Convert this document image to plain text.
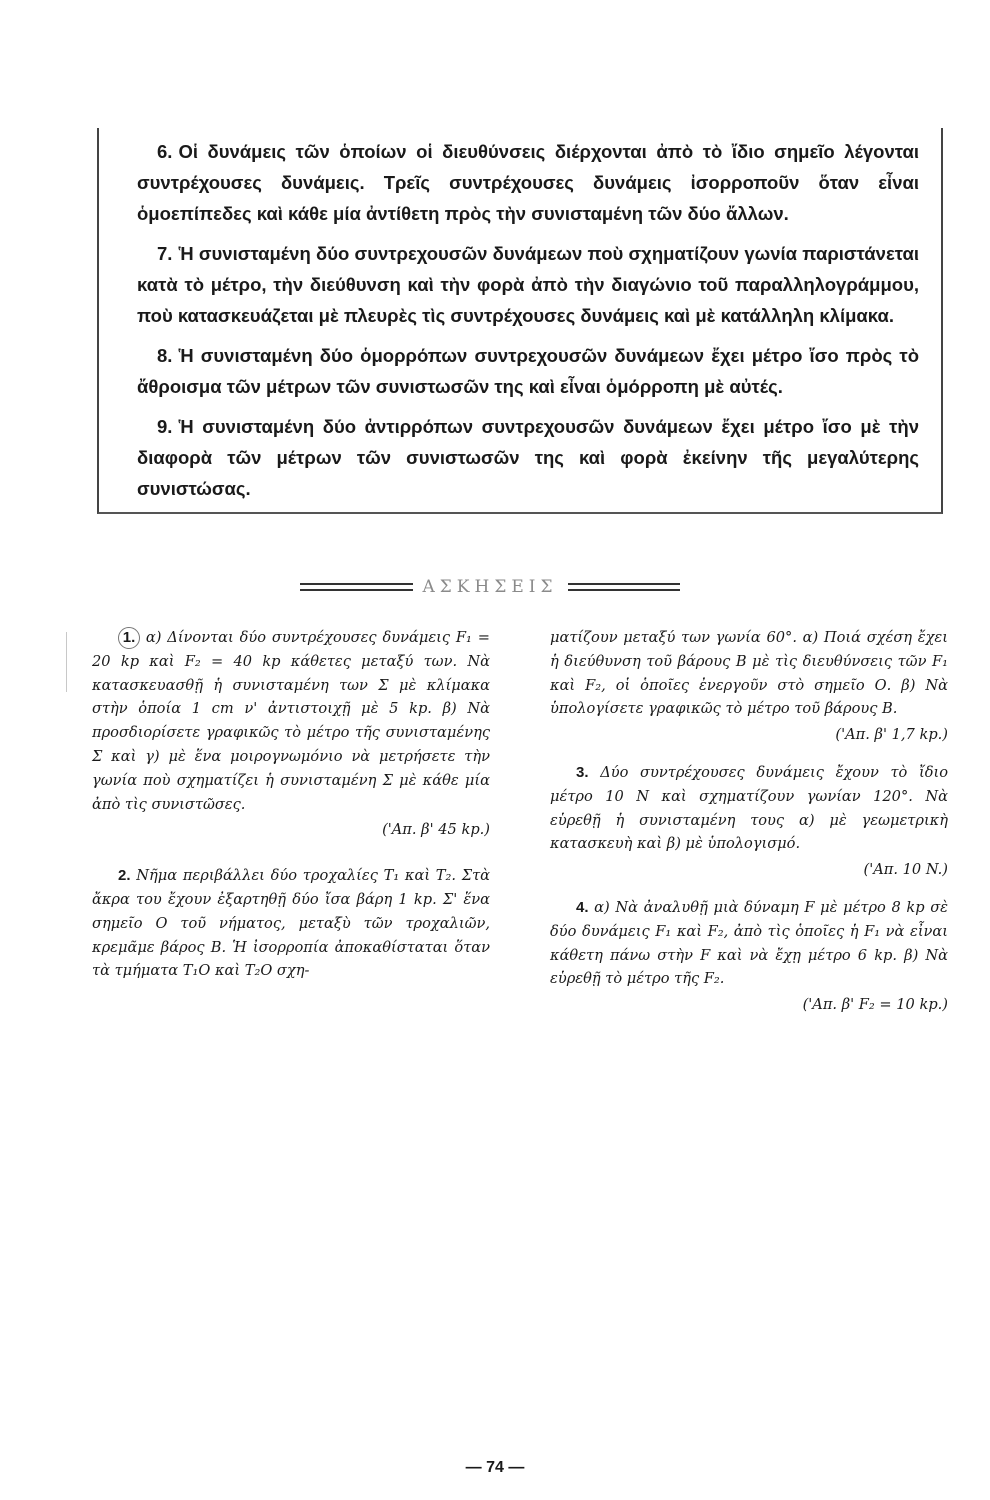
6. Οἱ δυνάμεις τῶν ὁποίων οἱ διευθύνσεις διέρχονται ἀπὸ τὸ ἴδιο σημεῖο λέγονται συντρέχουσες δυνάμεις. Τρεῖς συντρέχουσες δυνάμεις ἰσορροποῦν ὅταν εἶναι ὁμοεπίπεδες καὶ κάθε μία ἀντίθετη πρὸς τὴν συνισταμένη τῶν δύο ἄλλων.

7. Ἡ συνισταμένη δύο συντρεχουσῶν δυνάμεων ποὺ σχηματίζουν γωνία παριστάνεται κατὰ τὸ μέτρο, τὴν διεύθυνση καὶ τὴν φορὰ ἀπὸ τὴν διαγώνιο τοῦ παραλληλογράμμου, ποὺ κατασκευάζεται μὲ πλευρὲς τὶς συντρέχουσες δυνάμεις καὶ μὲ κατάλληλη κλίμακα.

8. Ἡ συνισταμένη δύο ὁμορρόπων συντρεχουσῶν δυνάμεων ἔχει μέτρο ἴσο πρὸς τὸ ἄθροισμα τῶν μέτρων τῶν συνιστωσῶν της καὶ εἶναι ὁμόρροπη μὲ αὐτές.

9. Ἡ συνισταμένη δύο ἀντιρρόπων συντρεχουσῶν δυνάμεων ἔχει μέτρο ἴσο μὲ τὴν διαφορὰ τῶν μέτρων τῶν συνιστωσῶν της καὶ φορὰ ἐκείνην τῆς μεγαλύτερης συνιστώσας.

ΑΣΚΗΣΕΙΣ

1. α) Δίνονται δύο συντρέχουσες δυνάμεις F₁ = 20 kp καὶ F₂ = 40 kp κάθετες μεταξύ των. Νὰ κατασκευασθῇ ἡ συνισταμένη των Σ μὲ κλίμακα στὴν ὁποία 1 cm ν' ἀντιστοιχῇ μὲ 5 kp. β) Νὰ προσδιορίσετε γραφικῶς τὸ μέτρο τῆς συνισταμένης Σ καὶ γ) μὲ ἕνα μοιρογνωμόνιο νὰ μετρήσετε τὴν γωνία ποὺ σχηματίζει ἡ συνισταμένη Σ μὲ κάθε μία ἀπὸ τὶς συνιστῶσες.

('Απ. β' 45 kp.)

2. Νῆμα περιβάλλει δύο τροχαλίες T₁ καὶ T₂. Στὰ ἄκρα του ἔχουν ἐξαρτηθῇ δύο ἴσα βάρη 1 kp. Σ' ἕνα σημεῖο Ο τοῦ νήματος, μεταξὺ τῶν τροχαλιῶν, κρεμᾶμε βάρος Β. Ἡ ἰσορροπία ἀποκαθίσταται ὅταν τὰ τμήματα T₁O καὶ T₂O σχη-

ματίζουν μεταξύ των γωνία 60°. α) Ποιά σχέση ἔχει ἡ διεύθυνση τοῦ βάρους Β μὲ τὶς διευθύνσεις τῶν F₁ καὶ F₂, οἱ ὁποῖες ἐνεργοῦν στὸ σημεῖο Ο. β) Νὰ ὑπολογίσετε γραφικῶς τὸ μέτρο τοῦ βάρους Β.

('Απ. β' 1,7 kp.)

3. Δύο συντρέχουσες δυνάμεις ἔχουν τὸ ἴδιο μέτρο 10 N καὶ σχηματίζουν γωνίαν 120°. Νὰ εὑρεθῇ ἡ συνισταμένη τους α) μὲ γεωμετρικὴ κατασκευὴ καὶ β) μὲ ὑπολογισμό.

('Απ. 10 N.)

4. α) Νὰ ἀναλυθῇ μιὰ δύναμη F μὲ μέτρο 8 kp σὲ δύο δυνάμεις F₁ καὶ F₂, ἀπὸ τὶς ὁποῖες ἡ F₁ νὰ εἶναι κάθετη πάνω στὴν F καὶ νὰ ἔχῃ μέτρο 6 kp. β) Νὰ εὑρεθῇ τὸ μέτρο τῆς F₂.

('Απ. β' F₂ = 10 kp.)

— 74 —
